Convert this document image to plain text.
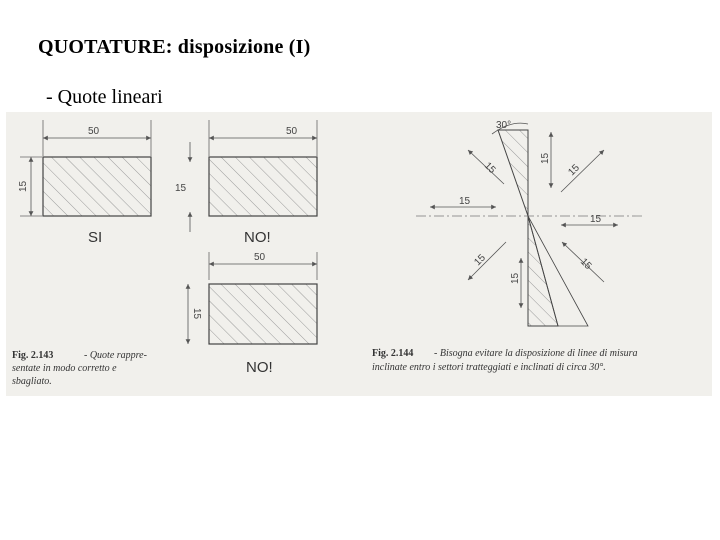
QUOTATURE: disposizione (I)
- Quote lineari
50
15
SI
50
15
NO!
50
15
NO!
Fig. 2.143	- Quote rappre-
sentate in modo corretto e
sbagliato.
30°
15
15
15
15
15
15
15
15
Fig. 2.144 - Bisogna evitare la disposizione di linee di misura
inclinate entro i settori tratteggiati e inclinati di circa 30°.
